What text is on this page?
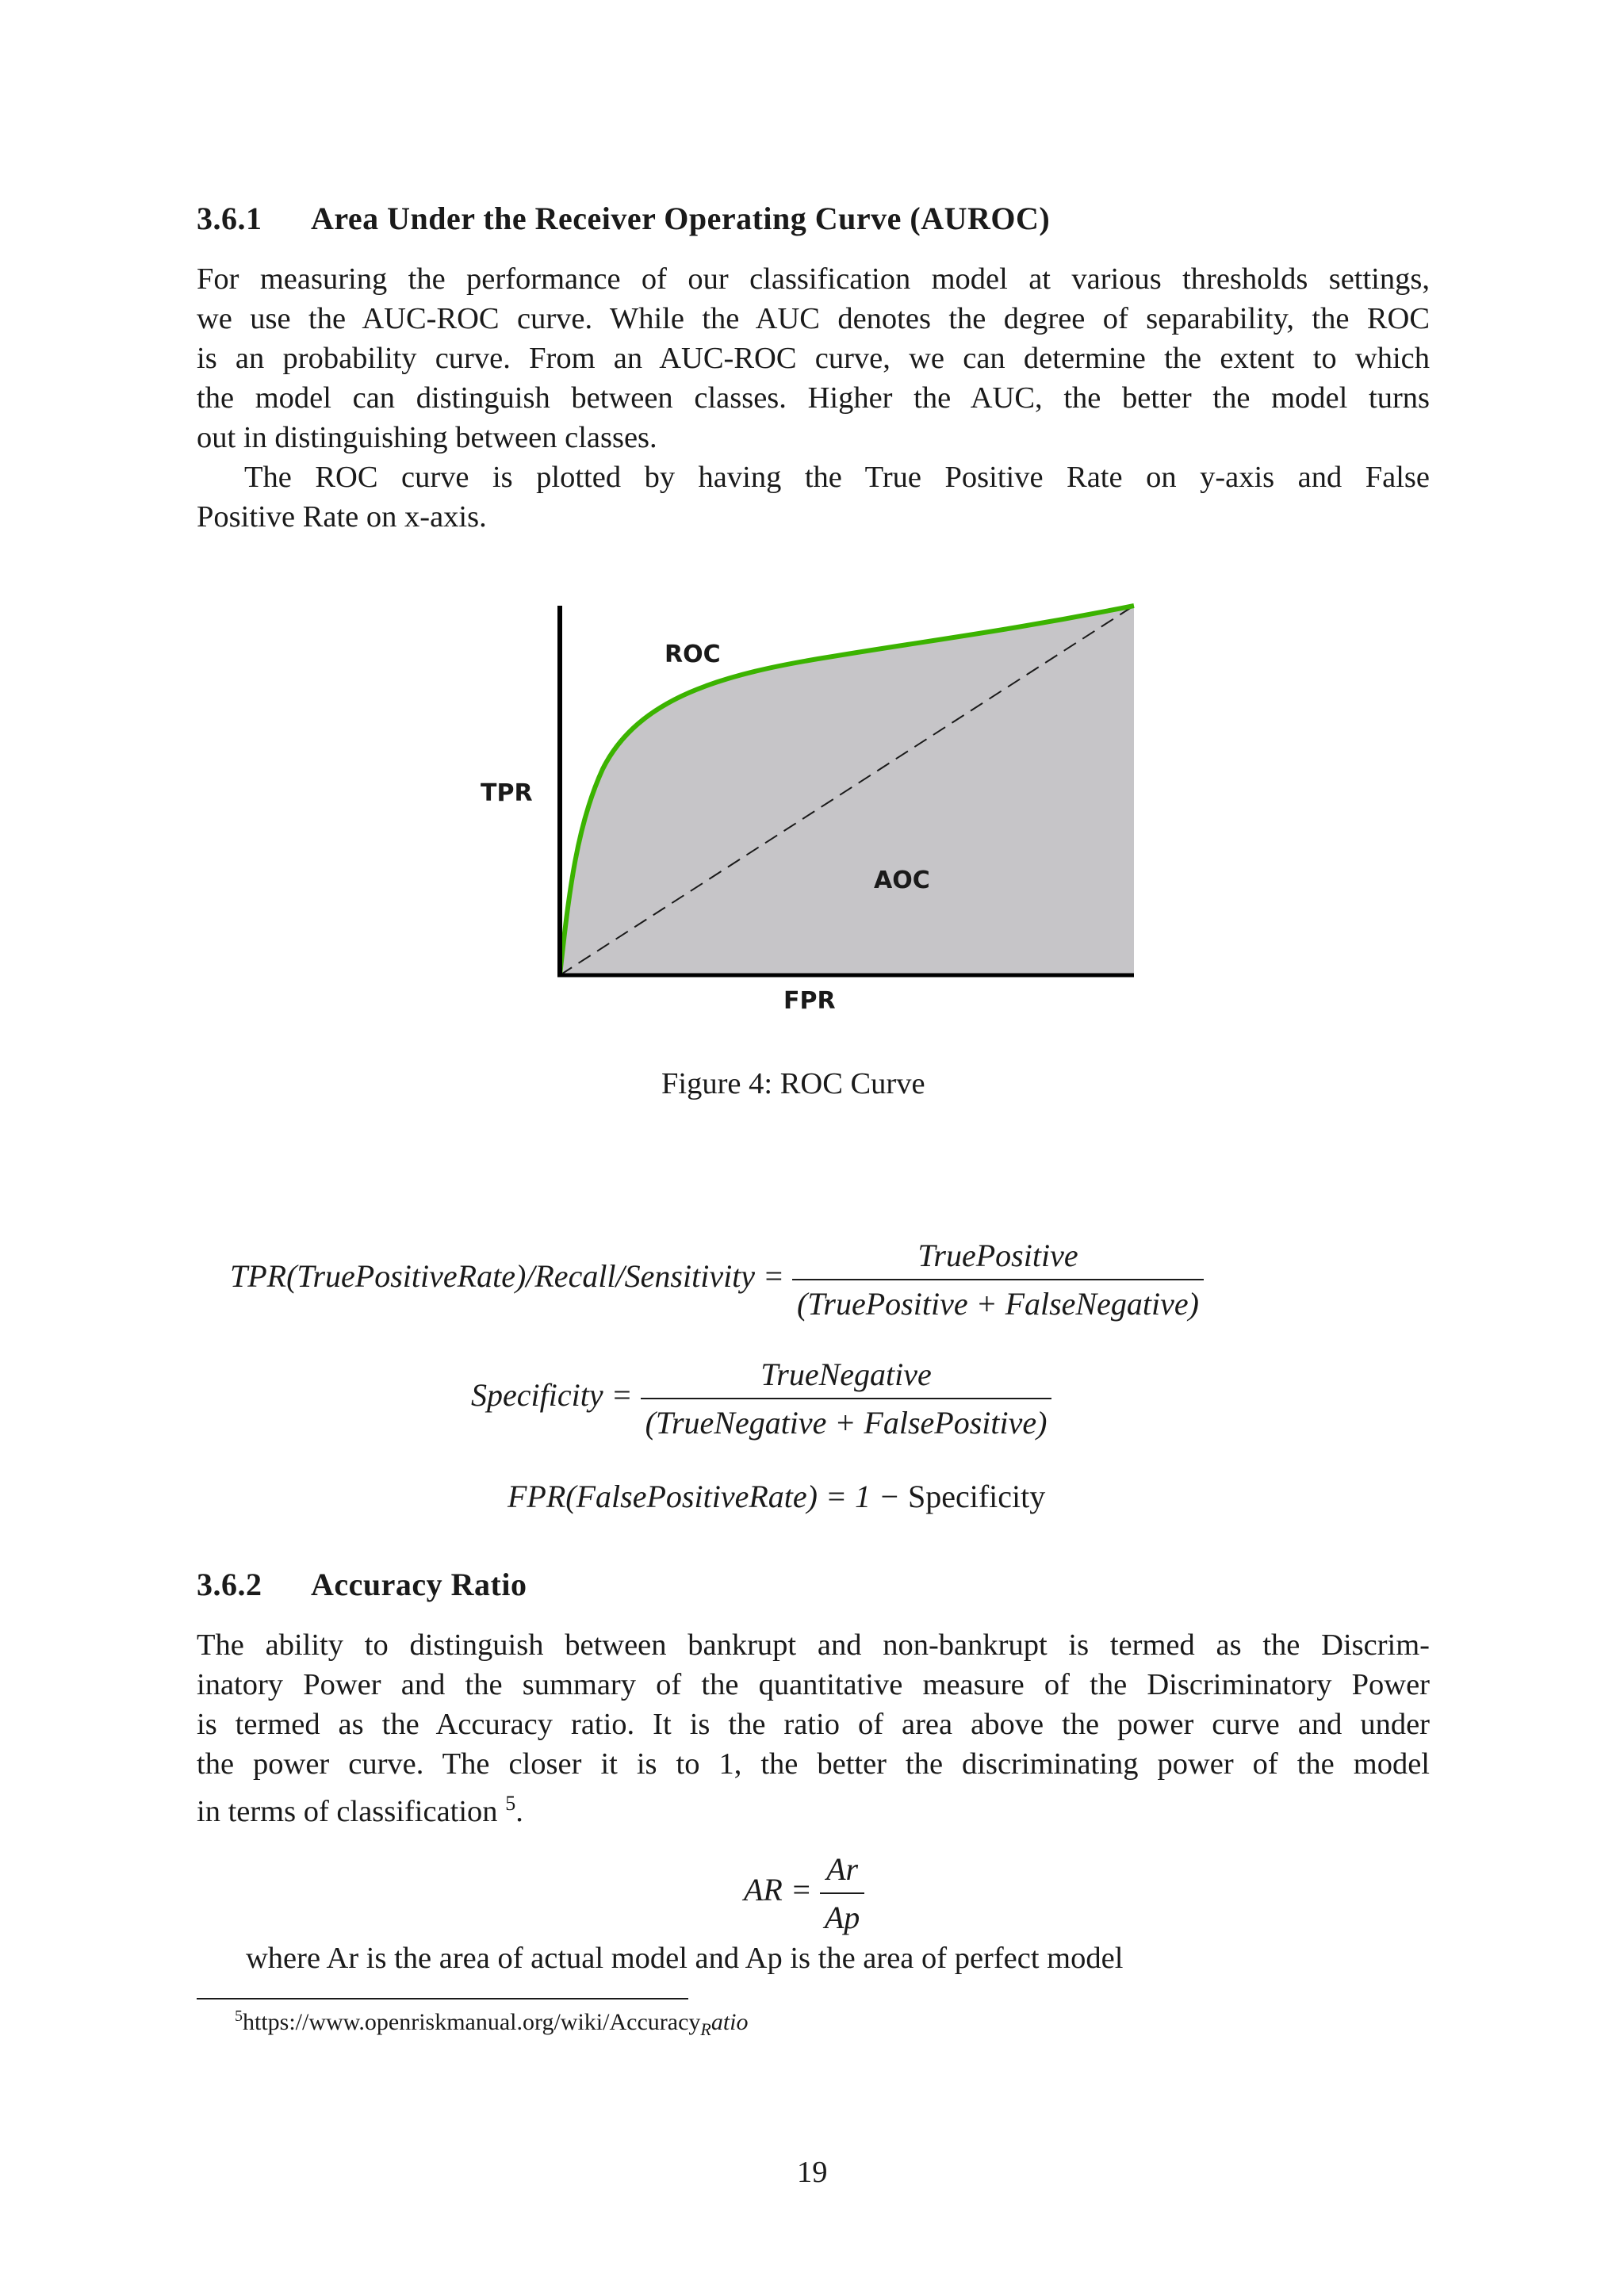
3.6.1 Area Under the Receiver Operating Curve (AUROC)
For measuring the performance of our classification model at various thresholds settings,
we use the AUC-ROC curve. While the AUC denotes the degree of separability, the ROC
is an probability curve. From an AUC-ROC curve, we can determine the extent to which
the model can distinguish between classes. Higher the AUC, the better the model turns
out in distinguishing between classes.
The ROC curve is plotted by having the True Positive Rate on y-axis and False
Positive Rate on x-axis.
ROC
TPR
AOC
FPR
Figure 4: ROC Curve
TPR(TruePositiveRate)/Recall/Sensitivity = $\frac{\text{TruePositive}}{\text{(TruePositive + FalseNegative)}}$
Specificity = $\frac{\text{TrueNegative}}{\text{(TrueNegative + FalsePositive)}}$
FPR(FalsePositiveRate) = 1 − Specificity
3.6.2 Accuracy Ratio
The ability to distinguish between bankrupt and non-bankrupt is termed as the Discrim-
inatory Power and the summary of the quantitative measure of the Discriminatory Power
is termed as the Accuracy ratio. It is the ratio of area above the power curve and under
the power curve. The closer it is to 1, the better the discriminating power of the model
in terms of classification $^5$.
AR = $\frac{Ar}{Ap}$
where Ar is the area of actual model and Ap is the area of perfect model
$^5$https://www.openriskmanual.org/wiki/Accuracy$_R$atio
19
